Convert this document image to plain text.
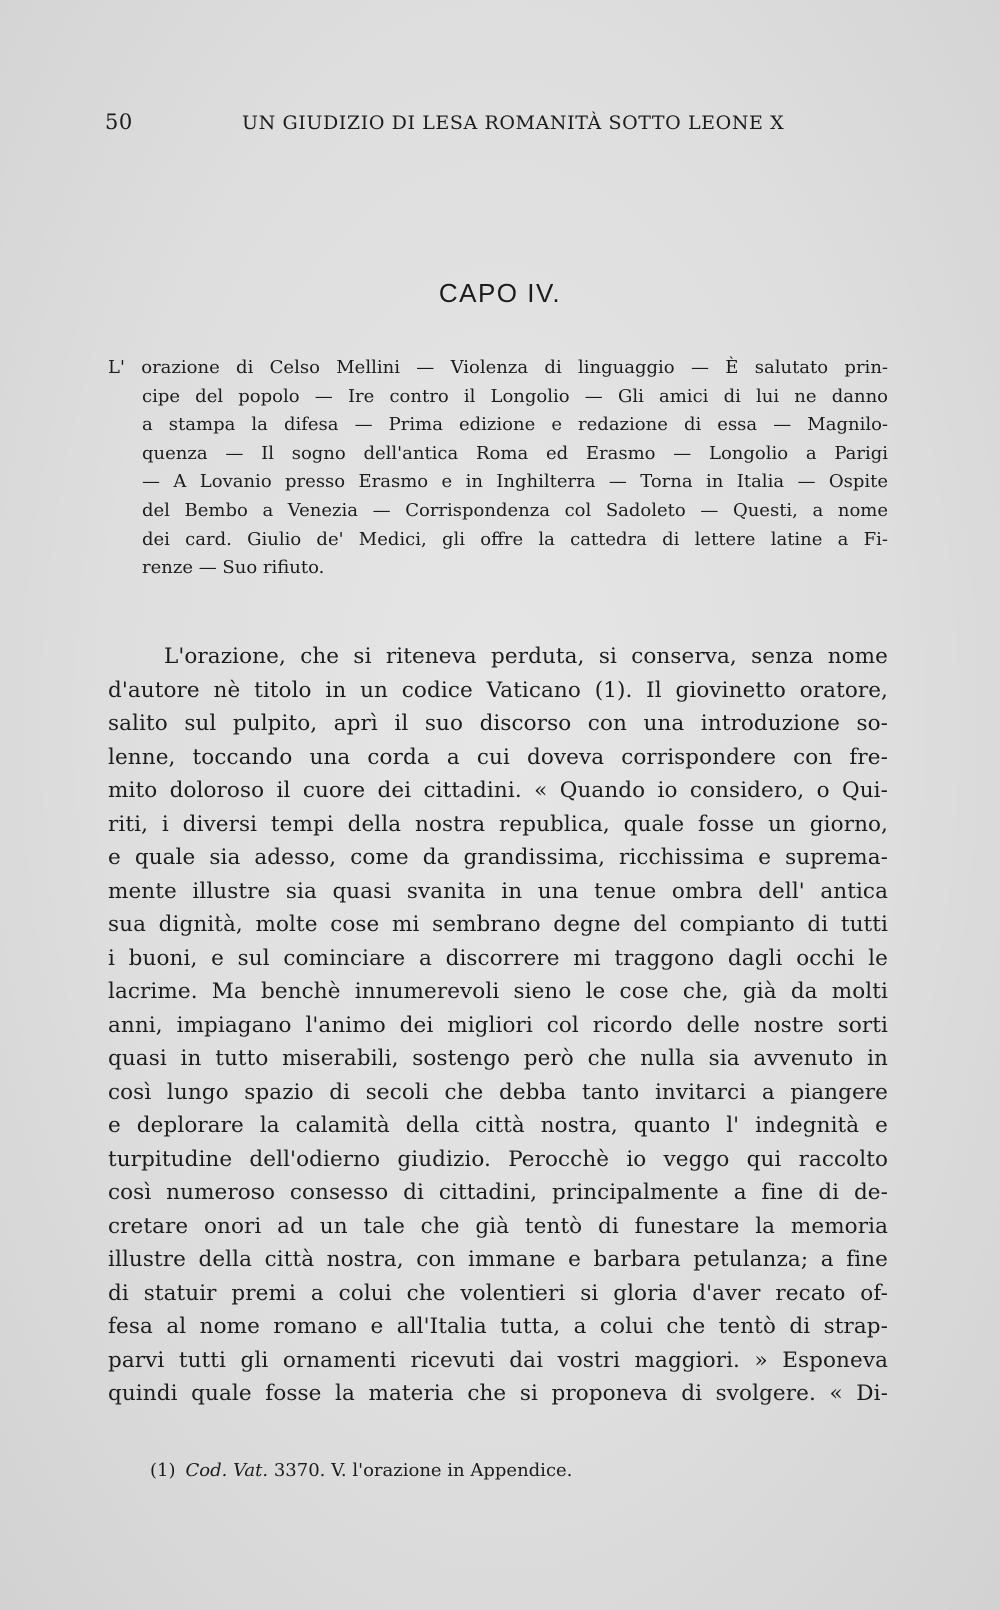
50	UN GIUDIZIO DI LESA ROMANITÀ SOTTO LEONE X
CAPO IV.
L' orazione di Celso Mellini — Violenza di linguaggio — È salutato prin-
cipe del popolo — Ire contro il Longolio — Gli amici di lui ne danno
a stampa la difesa — Prima edizione e redazione di essa — Magnilo-
quenza — Il sogno dell'antica Roma ed Erasmo — Longolio a Parigi
— A Lovanio presso Erasmo e in Inghilterra — Torna in Italia — Ospite
del Bembo a Venezia — Corrispondenza col Sadoleto — Questi, a nome
dei card. Giulio de' Medici, gli offre la cattedra di lettere latine a Fi-
renze — Suo rifiuto.
L'orazione, che si riteneva perduta, si conserva, senza nome
d'autore nè titolo in un codice Vaticano (1). Il giovinetto oratore,
salito sul pulpito, aprì il suo discorso con una introduzione so-
lenne, toccando una corda a cui doveva corrispondere con fre-
mito doloroso il cuore dei cittadini. « Quando io considero, o Qui-
riti, i diversi tempi della nostra republica, quale fosse un giorno,
e quale sia adesso, come da grandissima, ricchissima e suprema-
mente illustre sia quasi svanita in una tenue ombra dell' antica
sua dignità, molte cose mi sembrano degne del compianto di tutti
i buoni, e sul cominciare a discorrere mi traggono dagli occhi le
lacrime. Ma benchè innumerevoli sieno le cose che, già da molti
anni, impiagano l'animo dei migliori col ricordo delle nostre sorti
quasi in tutto miserabili, sostengo però che nulla sia avvenuto in
così lungo spazio di secoli che debba tanto invitarci a piangere
e deplorare la calamità della città nostra, quanto l' indegnità e
turpitudine dell'odierno giudizio. Perocchè io veggo qui raccolto
così numeroso consesso di cittadini, principalmente a fine di de-
cretare onori ad un tale che già tentò di funestare la memoria
illustre della città nostra, con immane e barbara petulanza; a fine
di statuir premi a colui che volentieri si gloria d'aver recato of-
fesa al nome romano e all'Italia tutta, a colui che tentò di strap-
parvi tutti gli ornamenti ricevuti dai vostri maggiori. » Esponeva
quindi quale fosse la materia che si proponeva di svolgere. « Di-
(1) Cod. Vat. 3370. V. l'orazione in Appendice.
